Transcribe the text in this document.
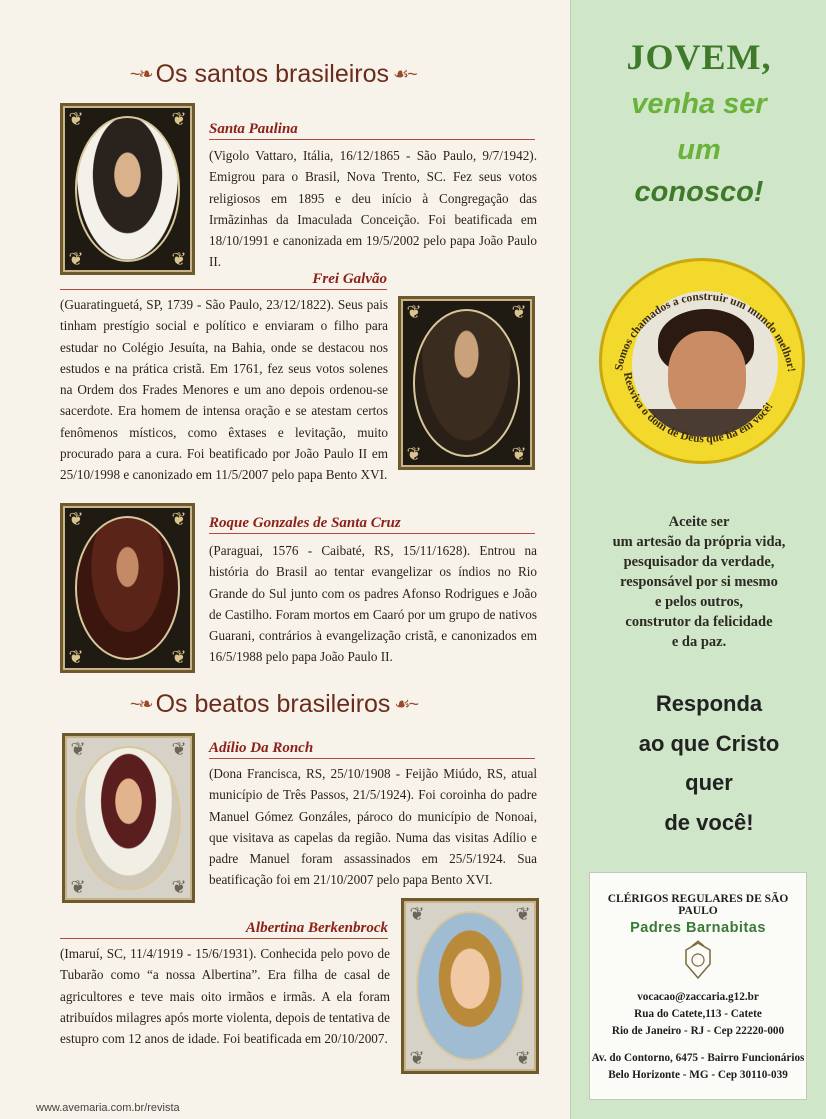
~❧ Os santos brasileiros ☙~
❦	❦
❦	❦
Santa Paulina
(Vigolo Vattaro, Itália, 16/12/1865 - São Paulo, 9/7/1942). Emigrou para o Brasil, Nova Trento, SC. Fez seus votos religiosos em 1895 e deu início à Congregação das Irmãzinhas da Imaculada Conceição. Foi beatificada em 18/10/1991 e canonizada em 19/5/2002 pelo papa João Paulo II.
Frei Galvão
(Guaratinguetá, SP, 1739 - São Paulo, 23/12/1822). Seus pais tinham prestígio social e político e enviaram o filho para estudar no Colégio Jesuíta, na Bahia, onde se destacou nos estudos e na prática cristã. Em 1761, fez seus votos solenes na Ordem dos Frades Menores e um ano depois ordenou-se sacerdote. Era homem de intensa oração e se atestam certos fenômenos místicos, como êxtases e levitação, muito procurado para a cura. Foi beatificado por João Paulo II em 25/10/1998 e canonizado em 11/5/2007 pelo papa Bento XVI.
❦	❦
❦	❦
❦	❦
❦	❦
Roque Gonzales de Santa Cruz
(Paraguai, 1576 - Caibaté, RS, 15/11/1628). Entrou na história do Brasil ao tentar evangelizar os índios no Rio Grande do Sul junto com os padres Afonso Rodrigues e João de Castilho. Foram mortos em Caaró por um grupo de nativos Guarani, contrários à evangelização cristã, e canonizados em 16/5/1988 pelo papa João Paulo II.
~❧ Os beatos brasileiros ☙~
❦	❦
❦	❦
Adílio Da Ronch
(Dona Francisca, RS, 25/10/1908 - Feijão Miúdo, RS, atual município de Três Passos, 21/5/1924). Foi coroinha do padre Manuel Gómez Gonzáles, pároco do município de Nonoai, que visitava as capelas da região. Numa das visitas Adílio e padre Manuel foram assassinados em 25/5/1924. Sua beatificação foi em 21/10/2007 pelo papa Bento XVI.
Albertina Berkenbrock
(Imaruí, SC, 11/4/1919 - 15/6/1931). Conhecida pelo povo de Tubarão como “a nossa Albertina”. Era filha de casal de agricultores e teve mais oito irmãos e irmãs. A ela foram atribuídos milagres após morte violenta, depois de tentativa de estupro com 12 anos de idade. Foi beatificada em 20/10/2007.
❦	❦
❦	❦
www.avemaria.com.br/revista
JOVEM,
venha ser
um
conosco!
Somos chamados a construir um mundo melhor!
Reaviva o dom de Deus que há em você!
Aceite ser
um artesão da própria vida,
pesquisador da verdade,
responsável por si mesmo
e pelos outros,
construtor da felicidade
e da paz.
Responda
ao que Cristo
quer
de você!
CLÉRIGOS REGULARES DE SÃO PAULO
Padres Barnabitas
vocacao@zaccaria.g12.br
Rua do Catete,113 - Catete
Rio de Janeiro - RJ - Cep 22220-000
Av. do Contorno, 6475 - Bairro Funcionários
Belo Horizonte - MG - Cep 30110-039
